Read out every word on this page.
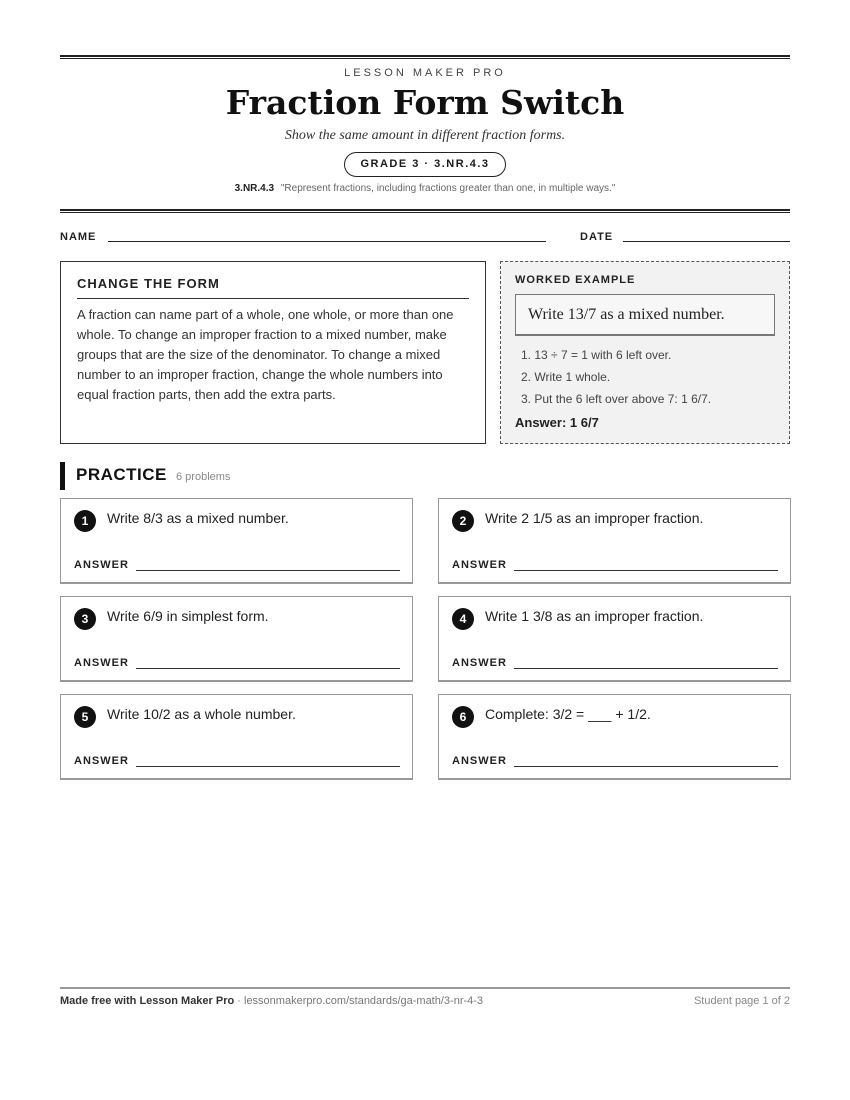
LESSON MAKER PRO
Fraction Form Switch
Show the same amount in different fraction forms.
GRADE 3 · 3.NR.4.3
3.NR.4.3 "Represent fractions, including fractions greater than one, in multiple ways."
NAME	DATE
CHANGE THE FORM
A fraction can name part of a whole, one whole, or more than one whole. To change an improper fraction to a mixed number, make groups that are the size of the denominator. To change a mixed number to an improper fraction, change the whole numbers into equal fraction parts, then add the extra parts.
WORKED EXAMPLE
Write 13/7 as a mixed number.
1. 13 ÷ 7 = 1 with 6 left over.
2. Write 1 whole.
3. Put the 6 left over above 7: 1 6/7.
Answer: 1 6/7
PRACTICE 6 problems
1	Write 8/3 as a mixed number.
ANSWER
2	Write 2 1/5 as an improper fraction.
ANSWER
3	Write 6/9 in simplest form.
ANSWER
4	Write 1 3/8 as an improper fraction.
ANSWER
5	Write 10/2 as a whole number.
ANSWER
6	Complete: 3/2 = ___ + 1/2.
ANSWER
Made free with Lesson Maker Pro · lessonmakerpro.com/standards/ga-math/3-nr-4-3	Student page 1 of 2
